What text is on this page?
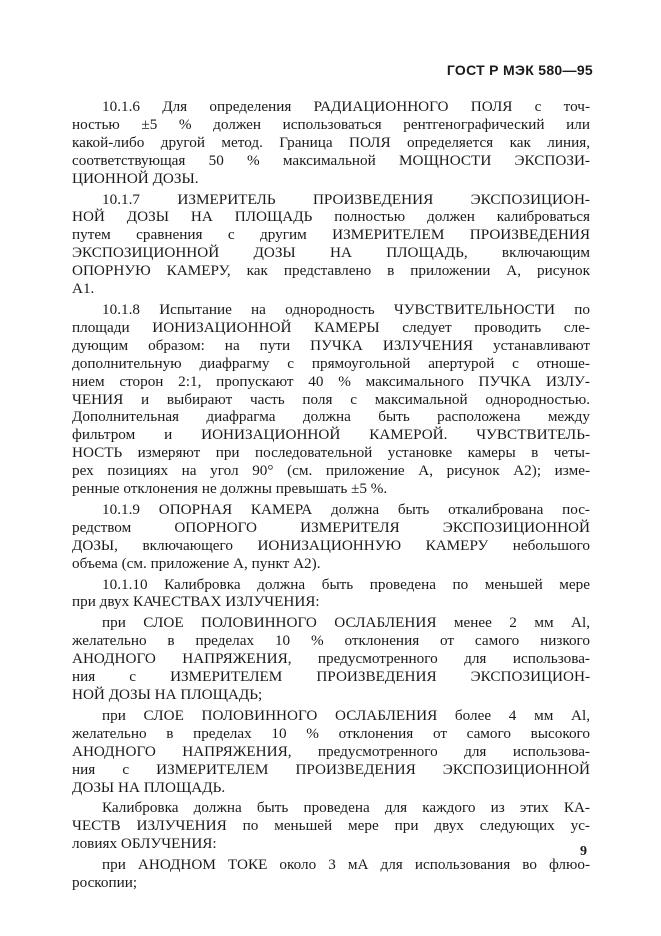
ГОСТ Р МЭК 580—95
10.1.6 Для определения РАДИАЦИОННОГО ПОЛЯ с точ-
ностью ±5 % должен использоваться рентгенографический или
какой-либо другой метод. Граница ПОЛЯ определяется как линия,
соответствующая 50 % максимальной МОЩНОСТИ ЭКСПОЗИ-
ЦИОННОЙ ДОЗЫ.
10.1.7 ИЗМЕРИТЕЛЬ ПРОИЗВЕДЕНИЯ ЭКСПОЗИЦИОН-
НОЙ ДОЗЫ НА ПЛОЩАДЬ полностью должен калиброваться
путем сравнения с другим ИЗМЕРИТЕЛЕМ ПРОИЗВЕДЕНИЯ
ЭКСПОЗИЦИОННОЙ ДОЗЫ НА ПЛОЩАДЬ, включающим
ОПОРНУЮ КАМЕРУ, как представлено в приложении А, рисунок
А1.
10.1.8 Испытание на однородность ЧУВСТВИТЕЛЬНОСТИ по
площади ИОНИЗАЦИОННОЙ КАМЕРЫ следует проводить сле-
дующим образом: на пути ПУЧКА ИЗЛУЧЕНИЯ устанавливают
дополнительную диафрагму с прямоугольной апертурой с отноше-
нием сторон 2:1, пропускают 40 % максимального ПУЧКА ИЗЛУ-
ЧЕНИЯ и выбирают часть поля с максимальной однородностью.
Дополнительная диафрагма должна быть расположена между
фильтром и ИОНИЗАЦИОННОЙ КАМЕРОЙ. ЧУВСТВИТЕЛЬ-
НОСТЬ измеряют при последовательной установке камеры в четы-
рех позициях на угол 90° (см. приложение А, рисунок А2); изме-
ренные отклонения не должны превышать ±5 %.
10.1.9 ОПОРНАЯ КАМЕРА должна быть откалибрована пос-
редством ОПОРНОГО ИЗМЕРИТЕЛЯ ЭКСПОЗИЦИОННОЙ
ДОЗЫ, включающего ИОНИЗАЦИОННУЮ КАМЕРУ небольшого
объема (см. приложение А, пункт А2).
10.1.10 Калибровка должна быть проведена по меньшей мере
при двух КАЧЕСТВАХ ИЗЛУЧЕНИЯ:
при СЛОЕ ПОЛОВИННОГО ОСЛАБЛЕНИЯ менее 2 мм Al,
желательно в пределах 10 % отклонения от самого низкого
АНОДНОГО НАПРЯЖЕНИЯ, предусмотренного для использова-
ния с ИЗМЕРИТЕЛЕМ ПРОИЗВЕДЕНИЯ ЭКСПОЗИЦИОН-
НОЙ ДОЗЫ НА ПЛОЩАДЬ;
при СЛОЕ ПОЛОВИННОГО ОСЛАБЛЕНИЯ более 4 мм Al,
желательно в пределах 10 % отклонения от самого высокого
АНОДНОГО НАПРЯЖЕНИЯ, предусмотренного для использова-
ния с ИЗМЕРИТЕЛЕМ ПРОИЗВЕДЕНИЯ ЭКСПОЗИЦИОННОЙ
ДОЗЫ НА ПЛОЩАДЬ.
Калибровка должна быть проведена для каждого из этих КА-
ЧЕСТВ ИЗЛУЧЕНИЯ по меньшей мере при двух следующих ус-
ловиях ОБЛУЧЕНИЯ:
при АНОДНОМ ТОКЕ около 3 мА для использования во флюо-
роскопии;
9
